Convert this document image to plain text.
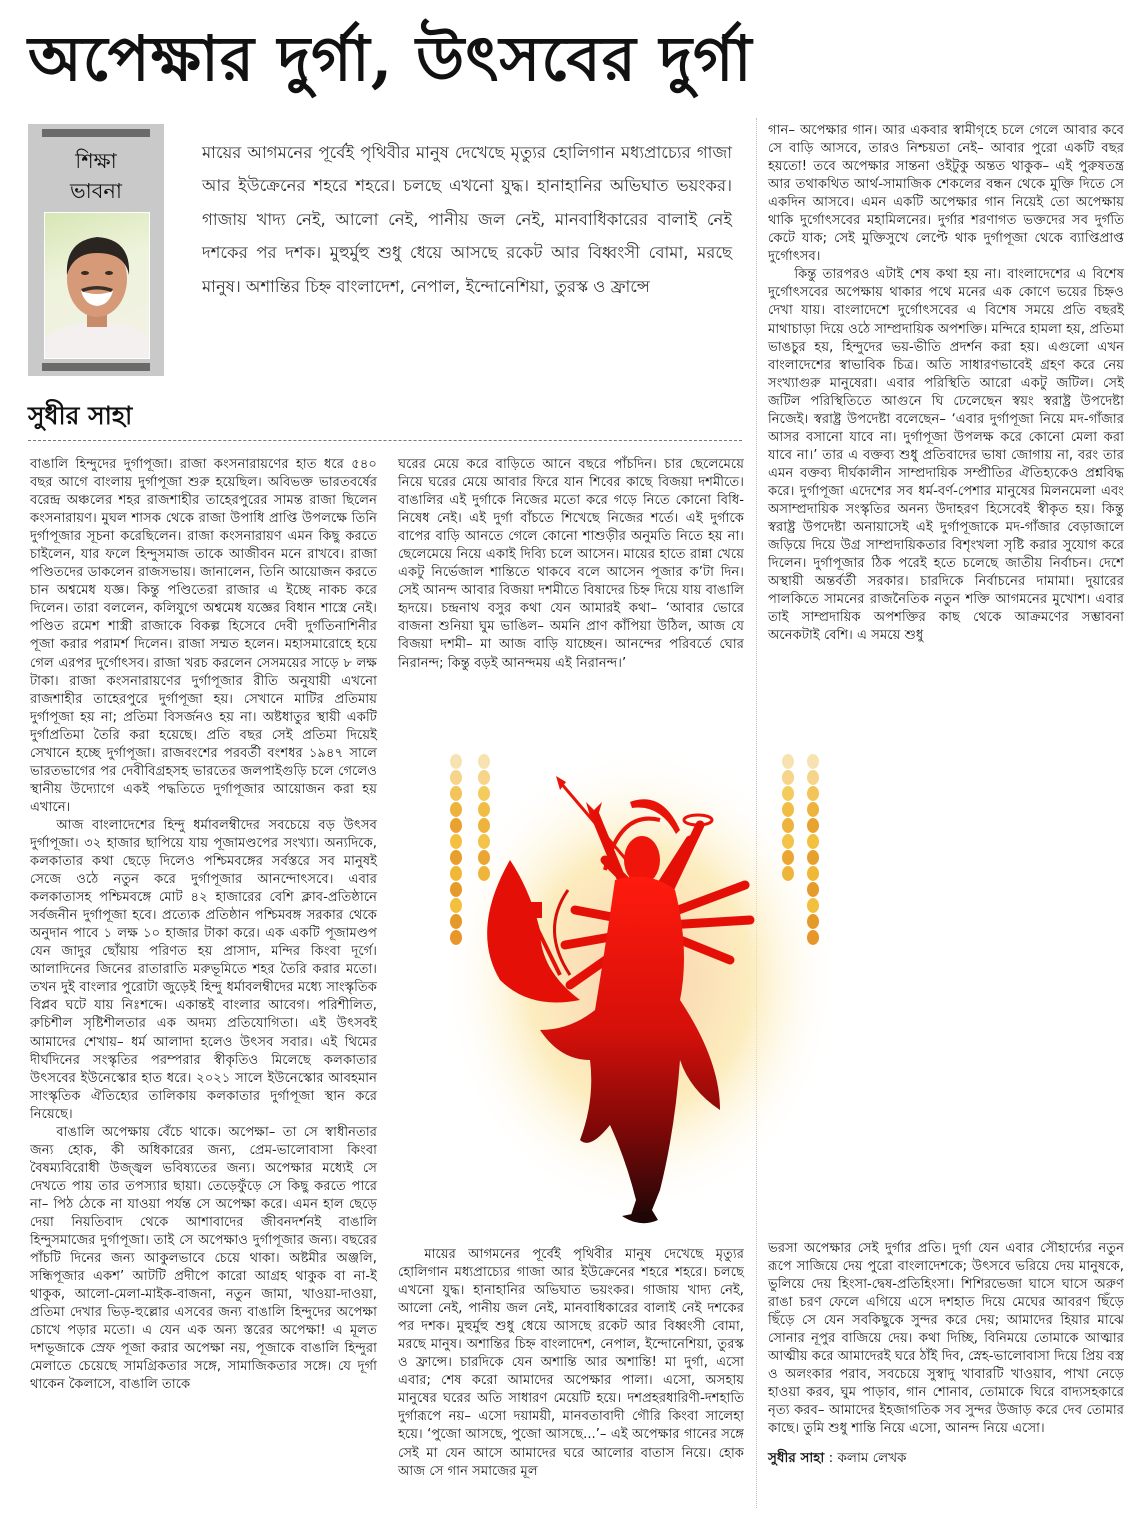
অপেক্ষার দুর্গা, উৎসবের দুর্গা
শিক্ষা
ভাবনা
মায়ের আগমনের পূর্বেই পৃথিবীর মানুষ দেখেছে মৃত্যুর হোলিগান মধ্যপ্রাচ্যের গাজা আর ইউক্রেনের শহরে শহরে। চলছে এখনো যুদ্ধ। হানাহানির অভিঘাত ভয়ংকর। গাজায় খাদ্য নেই, আলো নেই, পানীয় জল নেই, মানবাধিকারের বালাই নেই দশকের পর দশক। মুহুর্মুহু শুধু ধেয়ে আসছে রকেট আর বিধ্বংসী বোমা, মরছে মানুষ। অশান্তির চিহ্ন বাংলাদেশ, নেপাল, ইন্দোনেশিয়া, তুরস্ক ও ফ্রান্সে
সুধীর সাহা

বাঙালি হিন্দুদের দুর্গাপূজা। রাজা কংসনারায়ণের হাত ধরে ৫৪০ বছর আগে বাংলায় দুর্গাপূজা শুরু হয়েছিল। অবিভক্ত ভারতবর্ষের বরেন্দ্র অঞ্চলের শহর রাজশাহীর তাহেরপুরের সামন্ত রাজা ছিলেন কংসনারায়ণ। মুঘল শাসক থেকে রাজা উপাধি প্রাপ্তি উপলক্ষে তিনি দুর্গাপূজার সূচনা করেছিলেন। রাজা কংসনারায়ণ এমন কিছু করতে চাইলেন, যার ফলে হিন্দুসমাজ তাকে আজীবন মনে রাখবে। রাজা পণ্ডিতদের ডাকলেন রাজসভায়। জানালেন, তিনি আয়োজন করতে চান অশ্বমেধ যজ্ঞ। কিন্তু পণ্ডিতেরা রাজার এ ইচ্ছে নাকচ করে দিলেন। তারা বললেন, কলিযুগে অশ্বমেধ যজ্ঞের বিধান শাস্ত্রে নেই। পণ্ডিত রমেশ শাস্ত্রী রাজাকে বিকল্প হিসেবে দেবী দুর্গতিনাশিনীর পূজা করার পরামর্শ দিলেন। রাজা সম্মত হলেন। মহাসমারোহে হয়ে গেল এরপর দুর্গোৎসব। রাজা খরচ করলেন সেসময়ের সাড়ে ৮ লক্ষ টাকা। রাজা কংসনারায়ণের দুর্গাপূজার রীতি অনুযায়ী এখনো রাজশাহীর তাহেরপুরে দুর্গাপূজা হয়। সেখানে মাটির প্রতিমায় দুর্গাপূজা হয় না; প্রতিমা বিসর্জনও হয় না। অষ্টধাতুর স্থায়ী একটি দুর্গাপ্রতিমা তৈরি করা হয়েছে। প্রতি বছর সেই প্রতিমা দিয়েই সেখানে হচ্ছে দুর্গাপূজা। রাজবংশের পরবর্তী বংশধর ১৯৪৭ সালে ভারতভাগের পর দেবীবিগ্রহসহ ভারতের জলপাইগুড়ি চলে গেলেও স্থানীয় উদ্যোগে একই পদ্ধতিতে দুর্গাপূজার আয়োজন করা হয় এখানে।

আজ বাংলাদেশের হিন্দু ধর্মাবলম্বীদের সবচেয়ে বড় উৎসব দুর্গাপূজা। ৩২ হাজার ছাপিয়ে যায় পূজামণ্ডপের সংখ্যা। অন্যদিকে, কলকাতার কথা ছেড়ে দিলেও পশ্চিমবঙ্গের সর্বস্তরে সব মানুষই সেজে ওঠে নতুন করে দুর্গাপূজার আনন্দোৎসবে। এবার কলকাতাসহ পশ্চিমবঙ্গে মোট ৪২ হাজারের বেশি ক্লাব-প্রতিষ্ঠানে সর্বজনীন দুর্গাপূজা হবে। প্রত্যেক প্রতিষ্ঠান পশ্চিমবঙ্গ সরকার থেকে অনুদান পাবে ১ লক্ষ ১০ হাজার টাকা করে। এক একটি পূজামণ্ডপ যেন জাদুর ছোঁয়ায় পরিণত হয় প্রাসাদ, মন্দির কিংবা দূর্গে। আলাদিনের জিনের রাতারাতি মরুভূমিতে শহর তৈরি করার মতো। তখন দুই বাংলার পুরোটা জুড়েই হিন্দু ধর্মাবলম্বীদের মধ্যে সাংস্কৃতিক বিপ্লব ঘটে যায় নিঃশব্দে। একান্তই বাংলার আবেগ। পরিশীলিত, রুচিশীল সৃষ্টিশীলতার এক অদম্য প্রতিযোগিতা। এই উৎসবই আমাদের শেখায়– ধর্ম আলাদা হলেও উৎসব সবার। এই থিমের দীর্ঘদিনের সংস্কৃতির পরম্পরার স্বীকৃতিও মিলেছে কলকাতার উৎসবের ইউনেস্কোর হাত ধরে। ২০২১ সালে ইউনেস্কোর আবহমান সাংস্কৃতিক ঐতিহ্যের তালিকায় কলকাতার দুর্গাপূজা স্থান করে নিয়েছে।

বাঙালি অপেক্ষায় বেঁচে থাকে। অপেক্ষা– তা সে স্বাধীনতার জন্য হোক, কী অধিকারের জন্য, প্রেম-ভালোবাসা কিংবা বৈষম্যবিরোধী উজ্জ্বল ভবিষ্যতের জন্য। অপেক্ষার মধ্যেই সে দেখতে পায় তার তপস্যার ছায়া। তেড়েফুঁড়ে সে কিছু করতে পারে না– পিঠ ঠেকে না যাওয়া পর্যন্ত সে অপেক্ষা করে। এমন হাল ছেড়ে দেয়া নিয়তিবাদ থেকে আশাবাদের জীবনদর্শনই বাঙালি হিন্দুসমাজের দুর্গাপূজা। তাই সে অপেক্ষাও দুর্গাপূজার জন্য। বছরের পাঁচটি দিনের জন্য আকুলভাবে চেয়ে থাকা। অষ্টমীর অঞ্জলি, সন্ধিপূজার একশ’ আটটি প্রদীপে কারো আগ্রহ থাকুক বা না-ই থাকুক, আলো-মেলা-মাইক-বাজনা, নতুন জামা, খাওয়া-দাওয়া, প্রতিমা দেখার ভিড়-হুল্লোর এসবের জন্য বাঙালি হিন্দুদের অপেক্ষা চোখে পড়ার মতো। এ যেন এক অন্য স্তরের অপেক্ষা! এ মূলত দশভূজাকে স্রেফ পূজা করার অপেক্ষা নয়, পূজাকে বাঙালি হিন্দুরা মেলাতে চেয়েছে সামগ্রিকতার সঙ্গে, সামাজিকতার সঙ্গে। যে দূর্গা থাকেন কৈলাসে, বাঙালি তাকে

ঘরের মেয়ে করে বাড়িতে আনে বছরে পাঁচদিন। চার ছেলেমেয়ে নিয়ে ঘরের মেয়ে আবার ফিরে যান শিবের কাছে বিজয়া দশমীতে। বাঙালির এই দুর্গাকে নিজের মতো করে গড়ে নিতে কোনো বিধি-নিষেধ নেই। এই দুর্গা বাঁচতে শিখেছে নিজের শর্তে। এই দুর্গাকে বাপের বাড়ি আনতে গেলে কোনো শাশুড়ীর অনুমতি নিতে হয় না। ছেলেমেয়ে নিয়ে একাই দিব্যি চলে আসেন। মায়ের হাতে রান্না খেয়ে একটু নির্ভেজাল শান্তিতে থাকবে বলে আসেন পূজার ক’টা দিন। সেই আনন্দ আবার বিজয়া দশমীতে বিষাদের চিহ্ন দিয়ে যায় বাঙালি হৃদয়ে। চন্দ্রনাথ বসুর কথা যেন আমারই কথা– ‘আবার ভোরে বাজনা শুনিয়া ঘুম ভাঙিল– অমনি প্রাণ কাঁপিয়া উঠিল, আজ যে বিজয়া দশমী– মা আজ বাড়ি যাচ্ছেন। আনন্দের পরিবর্তে ঘোর নিরানন্দ; কিন্তু বড়ই আনন্দময় এই নিরানন্দ।’

মায়ের আগমনের পূর্বেই পৃথিবীর মানুষ দেখেছে মৃত্যুর হোলিগান মধ্যপ্রাচ্যের গাজা আর ইউক্রেনের শহরে শহরে। চলছে এখনো যুদ্ধ। হানাহানির অভিঘাত ভয়ংকর। গাজায় খাদ্য নেই, আলো নেই, পানীয় জল নেই, মানবাধিকারের বালাই নেই দশকের পর দশক। মুহুর্মুহু শুধু ধেয়ে আসছে রকেট আর বিধ্বংসী বোমা, মরছে মানুষ। অশান্তির চিহ্ন বাংলাদেশ, নেপাল, ইন্দোনেশিয়া, তুরস্ক ও ফ্রান্সে। চারদিকে যেন অশান্তি আর অশান্তি! মা দুর্গা, এসো এবার; শেষ করো আমাদের অপেক্ষার পালা। এসো, অসহায় মানুষের ঘরের অতি সাধারণ মেয়েটি হয়ে। দশপ্রহরধারিণী-দশহাতি দুর্গারূপে নয়– এসো দয়াময়ী, মানবতাবাদী গৌরি কিংবা সালেহা হয়ে। ‘পুজো আসছে, পুজো আসছে...’– এই অপেক্ষার গানের সঙ্গে সেই মা যেন আসে আমাদের ঘরে আলোর বাতাস নিয়ে। হোক আজ সে গান সমাজের মূল

গান– অপেক্ষার গান। আর একবার স্বামীগৃহে চলে গেলে আবার কবে সে বাড়ি আসবে, তারও নিশ্চয়তা নেই– আবার পুরো একটি বছর হয়তো! তবে অপেক্ষার সান্তনা ওইটুকু অন্তত থাকুক– এই পুরুষতন্ত্র আর তথাকথিত আর্থ-সামাজিক শেকলের বন্ধন থেকে মুক্তি দিতে সে একদিন আসবে। এমন একটি অপেক্ষার গান নিয়েই তো অপেক্ষায় থাকি দুর্গোৎসবের মহামিলনের। দুর্গার শরণাগত ভক্তদের সব দুর্গতি কেটে যাক; সেই মুক্তিসুখে লেপ্টে থাক দুর্গাপূজা থেকে ব্যাপ্তিপ্রাপ্ত দুর্গোৎসব।

কিন্তু তারপরও এটাই শেষ কথা হয় না। বাংলাদেশের এ বিশেষ দুর্গোৎসবের অপেক্ষায় থাকার পথে মনের এক কোণে ভয়ের চিহ্নও দেখা যায়। বাংলাদেশে দুর্গোৎসবের এ বিশেষ সময়ে প্রতি বছরই মাথাচাড়া দিয়ে ওঠে সাম্প্রদায়িক অপশক্তি। মন্দিরে হামলা হয়, প্রতিমা ভাঙচুর হয়, হিন্দুদের ভয়-ভীতি প্রদর্শন করা হয়। এগুলো এখন বাংলাদেশের স্বাভাবিক চিত্র। অতি সাধারণভাবেই গ্রহণ করে নেয় সংখ্যাগুরু মানুষেরা। এবার পরিস্থিতি আরো একটু জটিল। সেই জটিল পরিস্থিতিতে আগুনে ঘি ঢেলেছেন স্বয়ং স্বরাষ্ট্র উপদেষ্টা নিজেই। স্বরাষ্ট্র উপদেষ্টা বলেছেন– ‘এবার দুর্গাপূজা নিয়ে মদ-গাঁজার আসর বসানো যাবে না। দুর্গাপূজা উপলক্ষ করে কোনো মেলা করা যাবে না।’ তার এ বক্তব্য শুধু প্রতিবাদের ভাষা জোগায় না, বরং তার এমন বক্তব্য দীর্ঘকালীন সাম্প্রদায়িক সম্প্রীতির ঐতিহ্যকেও প্রশ্নবিদ্ধ করে। দুর্গাপূজা এদেশের সব ধর্ম-বর্ণ-পেশার মানুষের মিলনমেলা এবং অসাম্প্রদায়িক সংস্কৃতির অনন্য উদাহরণ হিসেবেই স্বীকৃত হয়। কিন্তু স্বরাষ্ট্র উপদেষ্টা অনায়াসেই এই দুর্গাপূজাকে মদ-গাঁজার বেড়াজালে জড়িয়ে দিয়ে উগ্র সাম্প্রদায়িকতার বিশৃংখলা সৃষ্টি করার সুযোগ করে দিলেন। দুর্গাপূজার ঠিক পরেই হতে চলেছে জাতীয় নির্বাচন। দেশে অস্থায়ী অন্তর্বর্তী সরকার। চারদিকে নির্বাচনের দামামা। দুয়ারের পালকিতে সামনের রাজনৈতিক নতুন শক্তি আগমনের মুখোশ। এবার তাই সাম্প্রদায়িক অপশক্তির কাছ থেকে আক্রমণের সম্ভাবনা অনেকটাই বেশি। এ সময়ে শুধু

ভরসা অপেক্ষার সেই দুর্গার প্রতি। দুর্গা যেন এবার সৌহার্দ্যের নতুন রূপে সাজিয়ে দেয় পুরো বাংলাদেশকে; উৎসবে ভরিয়ে দেয় মানুষকে, ভুলিয়ে দেয় হিংসা-দ্বেষ-প্রতিহিংসা। শিশিরভেজা ঘাসে ঘাসে অরুণ রাঙা চরণ ফেলে এগিয়ে এসে দশহাত দিয়ে মেঘের আবরণ ছিঁড়ে ছিঁড়ে সে যেন সবকিছুকে সুন্দর করে দেয়; আমাদের হিয়ার মাঝে সোনার নূপুর বাজিয়ে দেয়। কথা দিচ্ছি, বিনিময়ে তোমাকে আত্মার আত্মীয় করে আমাদেরই ঘরে ঠাঁই দিব, স্নেহ-ভালোবাসা দিয়ে প্রিয় বস্ত্র ও অলংকার পরাব, সবচেয়ে সুস্বাদু খাবারটি খাওয়াব, পাখা নেড়ে হাওয়া করব, ঘুম পাড়াব, গান শোনাব, তোমাকে ঘিরে বাদ্যসহকারে নৃত্য করব– আমাদের ইহজাগতিক সব সুন্দর উজাড় করে দেব তোমার কাছে। তুমি শুধু শান্তি নিয়ে এসো, আনন্দ নিয়ে এসো।

সুধীর সাহা : কলাম লেখক
